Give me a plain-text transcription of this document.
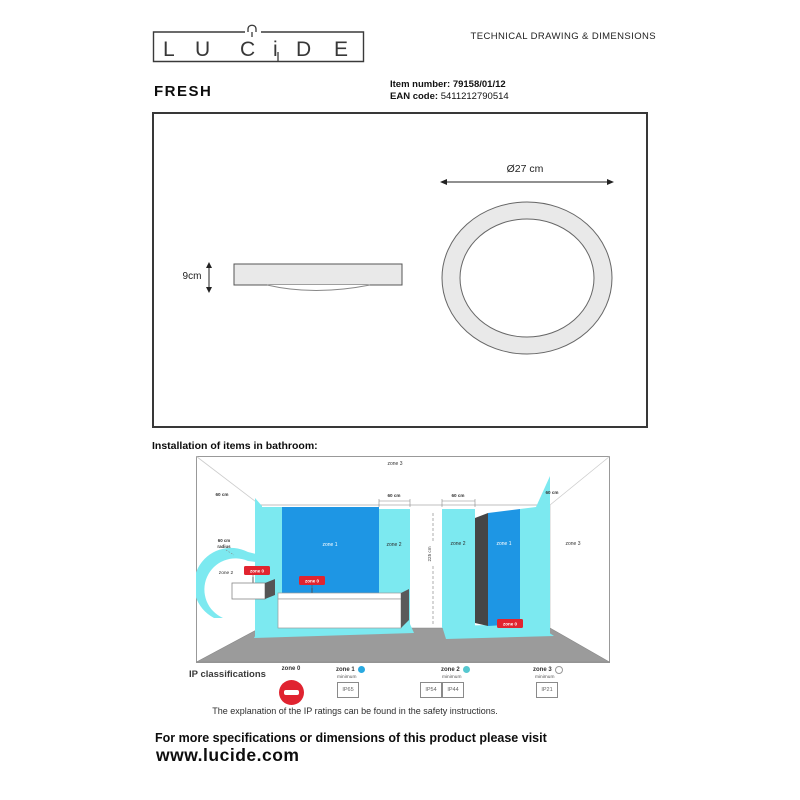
TECHNICAL DRAWING & DIMENSIONS
L U C i D E
FRESH	Item number: 79158/01/12
EAN code: 5411212790514
9cm
Ø27 cm
Installation of items in bathroom:
zone 0
zone 0
zone 0
zone 3
60 cm	60 cm	60 cm
60 cm
60 cm
radius
zone 2
zone 1	zone 2
225 cm
zone 2	zone 1	zone 3
IP classifications	zone 0	zone 1
minimum
IP65
zone 2
minimum
IP54	IP44
zone 3
minimum
IP21
The explanation of the IP ratings can be found in the safety instructions.
For more specifications or dimensions of this product please visit
www.lucide.com
